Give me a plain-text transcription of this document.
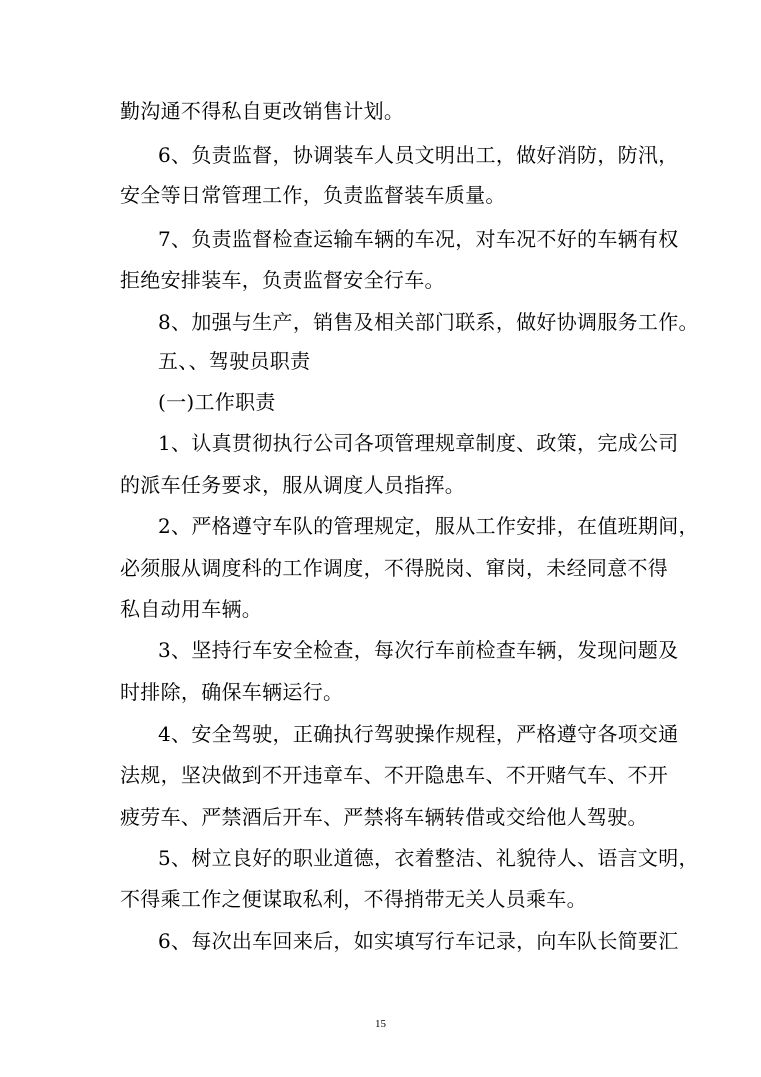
勤沟通不得私自更改销售计划。
6、负责监督，协调装车人员文明出工，做好消防，防汛，
安全等日常管理工作，负责监督装车质量。
7、负责监督检查运输车辆的车况，对车况不好的车辆有权
拒绝安排装车，负责监督安全行车。
8、加强与生产，销售及相关部门联系，做好协调服务工作。
五、、驾驶员职责
(一)工作职责
1、认真贯彻执行公司各项管理规章制度、政策，完成公司
的派车任务要求，服从调度人员指挥。
2、严格遵守车队的管理规定，服从工作安排，在值班期间，
必须服从调度科的工作调度，不得脱岗、窜岗，未经同意不得
私自动用车辆。
3、坚持行车安全检查，每次行车前检查车辆，发现问题及
时排除，确保车辆运行。
4、安全驾驶，正确执行驾驶操作规程，严格遵守各项交通
法规，坚决做到不开违章车、不开隐患车、不开赌气车、不开
疲劳车、严禁酒后开车、严禁将车辆转借或交给他人驾驶。
5、树立良好的职业道德，衣着整洁、礼貌待人、语言文明，
不得乘工作之便谋取私利，不得捎带无关人员乘车。
6、每次出车回来后，如实填写行车记录，向车队长简要汇
15
